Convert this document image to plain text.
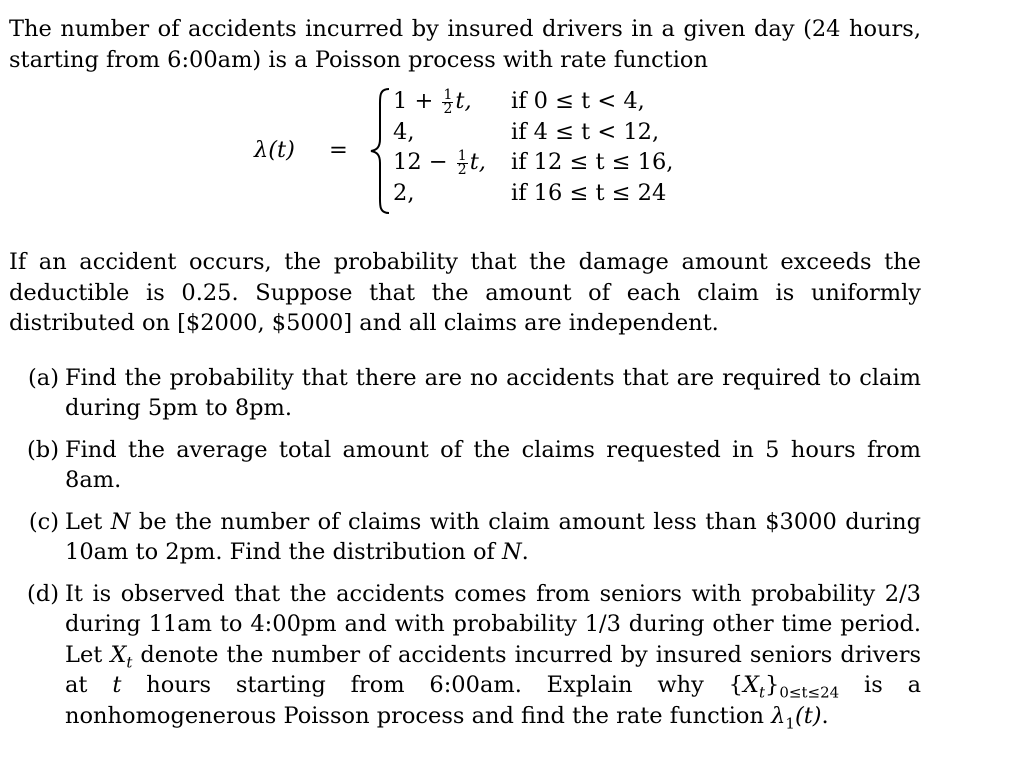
The number of accidents incurred by insured drivers in a given day (24 hours, starting from 6:00am) is a Poisson process with rate function

λ(t) =
$1 + \frac{1}{2} t$, if 0 ≤ t < 4,
4,	if 4 ≤ t < 12,
$12 - \frac{1}{2} t$, if 12 ≤ t ≤ 16,
2,	if 16 ≤ t ≤ 24

If an accident occurs, the probability that the damage amount exceeds the deductible is 0.25. Suppose that the amount of each claim is uniformly distributed on [$2000, $5000] and all claims are independent.

(a) Find the probability that there are no accidents that are required to claim during 5pm to 8pm.

(b) Find the average total amount of the claims requested in 5 hours from 8am.

(c) Let N be the number of claims with claim amount less than $3000 during 10am to 2pm. Find the distribution of N.

(d) It is observed that the accidents comes from seniors with probability 2/3 during 11am to 4:00pm and with probability 1/3 during other time period. Let $X_t$ denote the number of accidents incurred by insured seniors drivers at t hours starting from 6:00am. Explain why $\{X_t\}_{0\le t\le 24}$ is a nonhomogenerous Poisson process and find the rate function $\lambda_1(t)$.
